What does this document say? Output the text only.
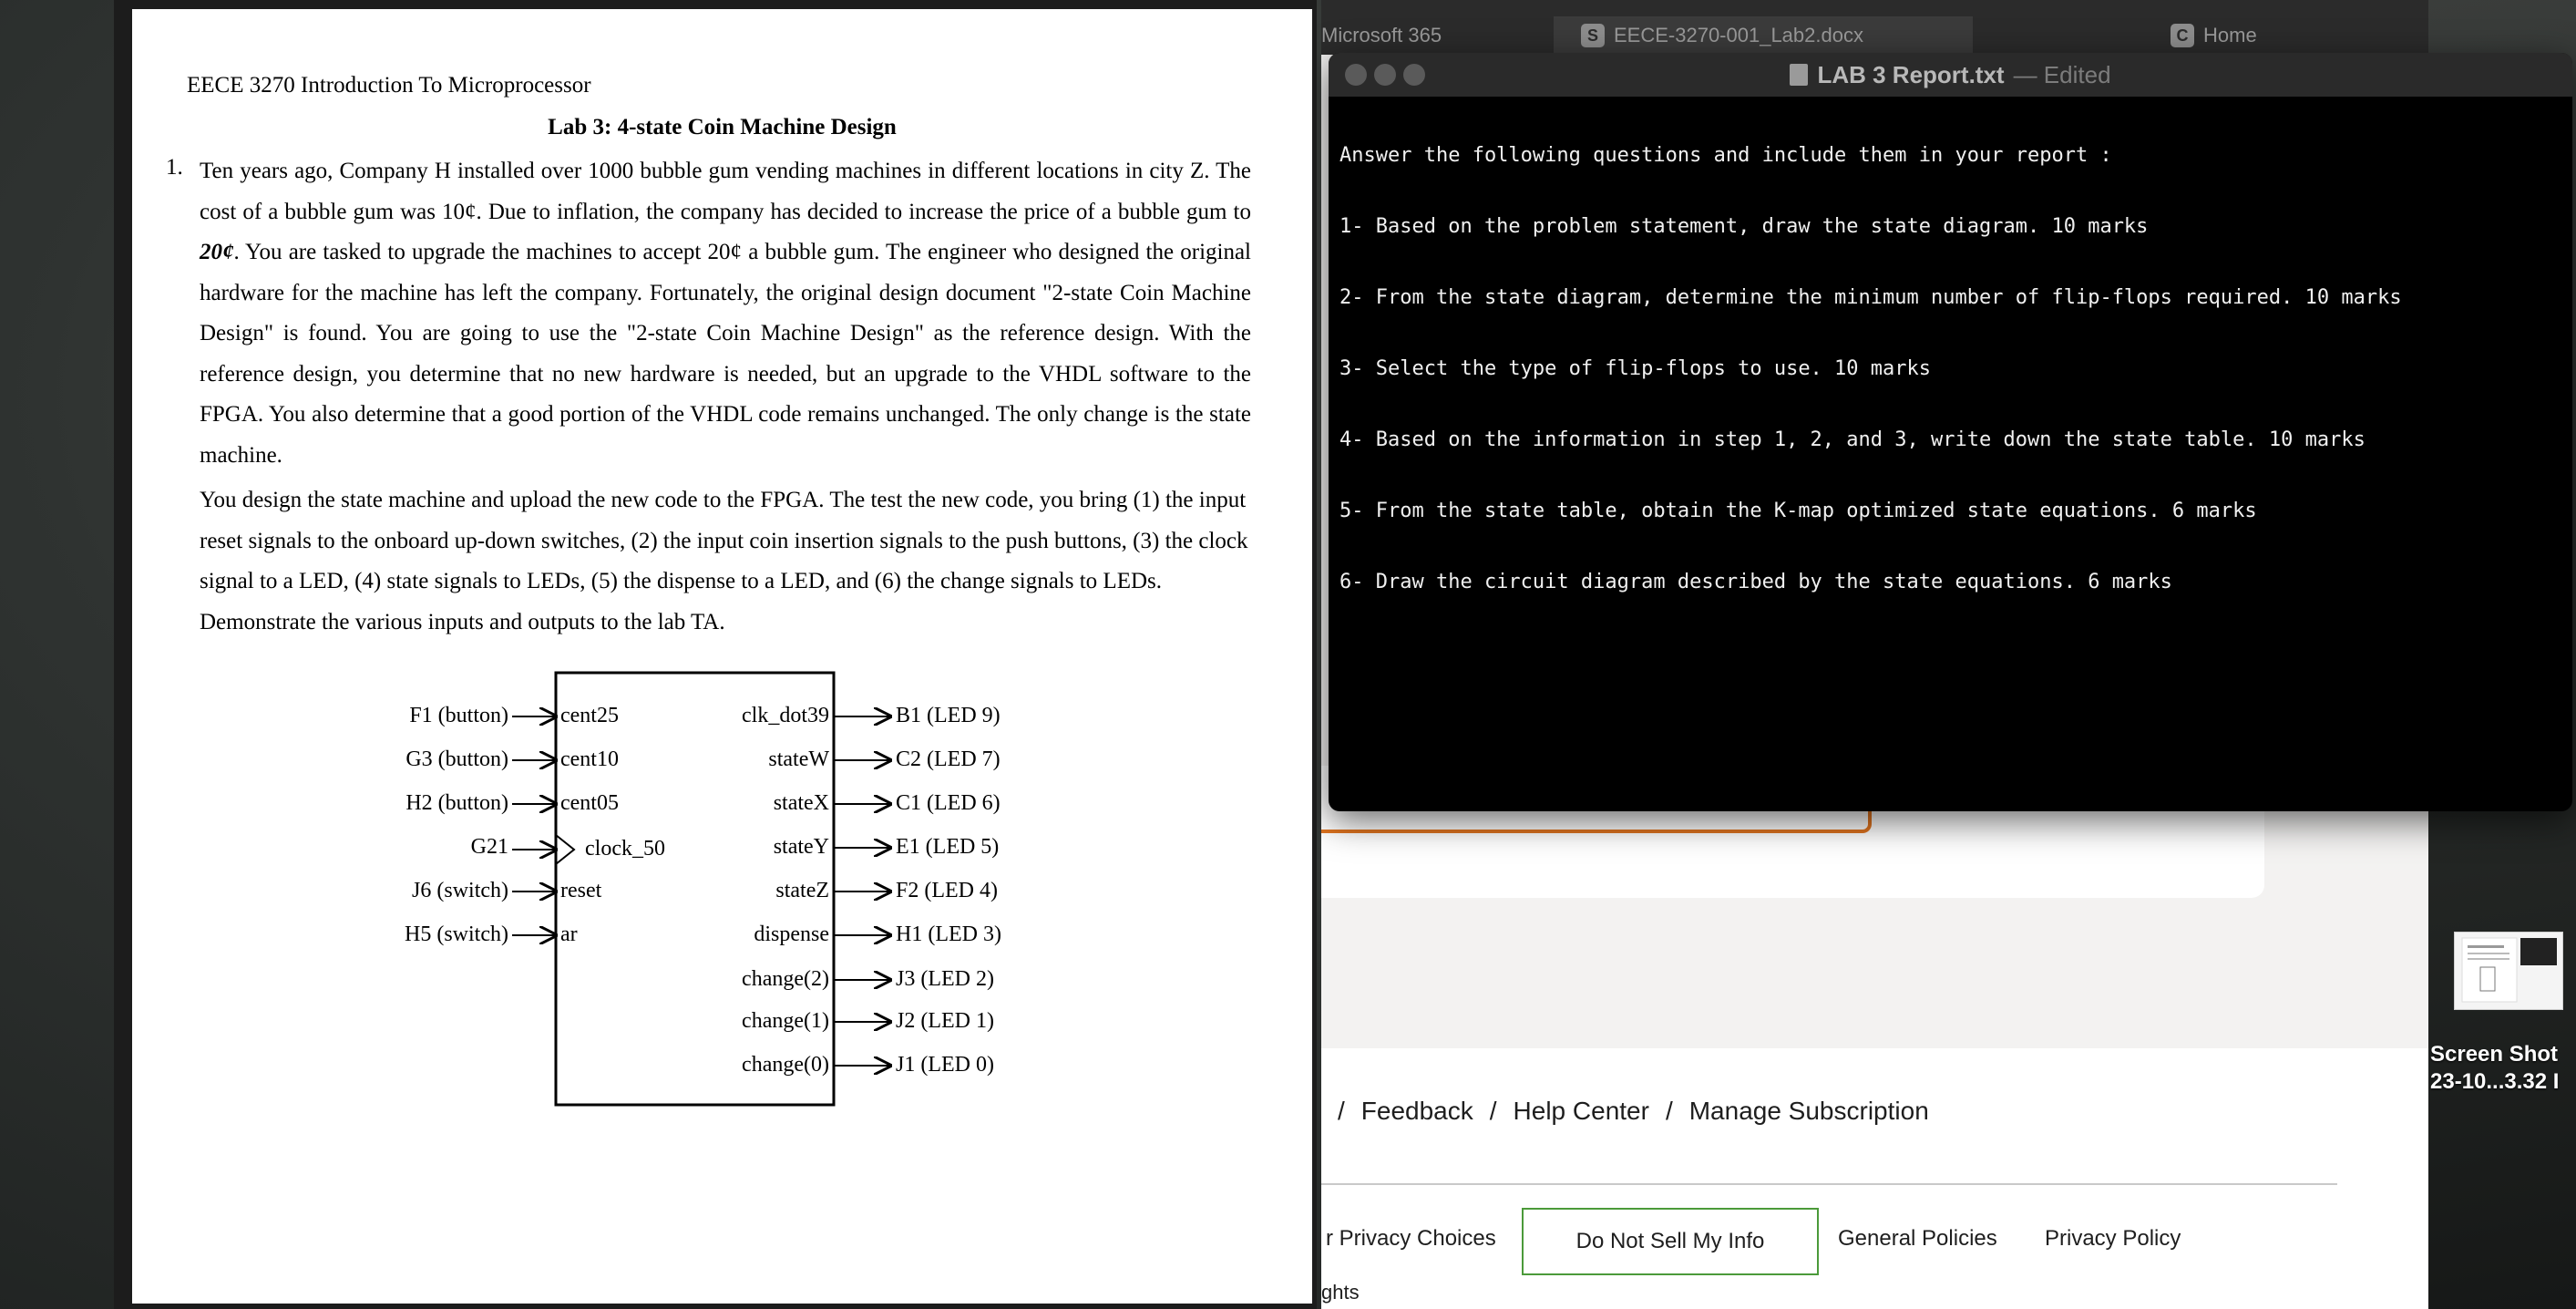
Microsoft 365	S EECE-3270-001_Lab2.docx	C Home
/ Feedback / Help Center / Manage Subscription
r Privacy Choices	Do Not Sell My Info	General Policies Privacy Policy
ghts
LAB 3 Report.txt — Edited

Answer the following questions and include them in your report :

1- Based on the problem statement, draw the state diagram. 10 marks

2- From the state diagram, determine the minimum number of flip-flops required. 10 marks

3- Select the type of flip-flops to use. 10 marks

4- Based on the information in step 1, 2, and 3, write down the state table. 10 marks

5- From the state table, obtain the K-map optimized state equations. 6 marks

6- Draw the circuit diagram described by the state equations. 6 marks

EECE 3270 Introduction To Microprocessor
Lab 3: 4-state Coin Machine Design
1. Ten years ago, Company H installed over 1000 bubble gum vending machines in different locations in city Z. The cost of a bubble gum was 10¢. Due to inflation, the company has decided to increase the price of a bubble gum to 20¢. You are tasked to upgrade the machines to accept 20¢ a bubble gum. The engineer who designed the original hardware for the machine has left the company. Fortunately, the original design document "2-state Coin Machine Design" is found. You are going to use the "2-state Coin Machine Design" as the reference design. With the reference design, you determine that no new hardware is needed, but an upgrade to the VHDL software to the FPGA. You also determine that a good portion of the VHDL code remains unchanged. The only change is the state machine.
You design the state machine and upload the new code to the FPGA. The test the new code, you bring (1) the input reset signals to the onboard up-down switches, (2) the input coin insertion signals to the push buttons, (3) the clock signal to a LED, (4) state signals to LEDs, (5) the dispense to a LED, and (6) the change signals to LEDs. Demonstrate the various inputs and outputs to the lab TA.
F1 (button)
G3 (button)
H2 (button)
G21
J6 (switch)
H5 (switch)
cent25
cent10
cent05
clock_50
reset
ar
clk_dot39
stateW
stateX
stateY
stateZ
dispense
change(2)
change(1)
change(0)
B1 (LED 9)
C2 (LED 7)
C1 (LED 6)
E1 (LED 5)
F2 (LED 4)
H1 (LED 3)
J3 (LED 2)
J2 (LED 1)
J1 (LED 0)	Screen Shot
23-10...3.32 I
